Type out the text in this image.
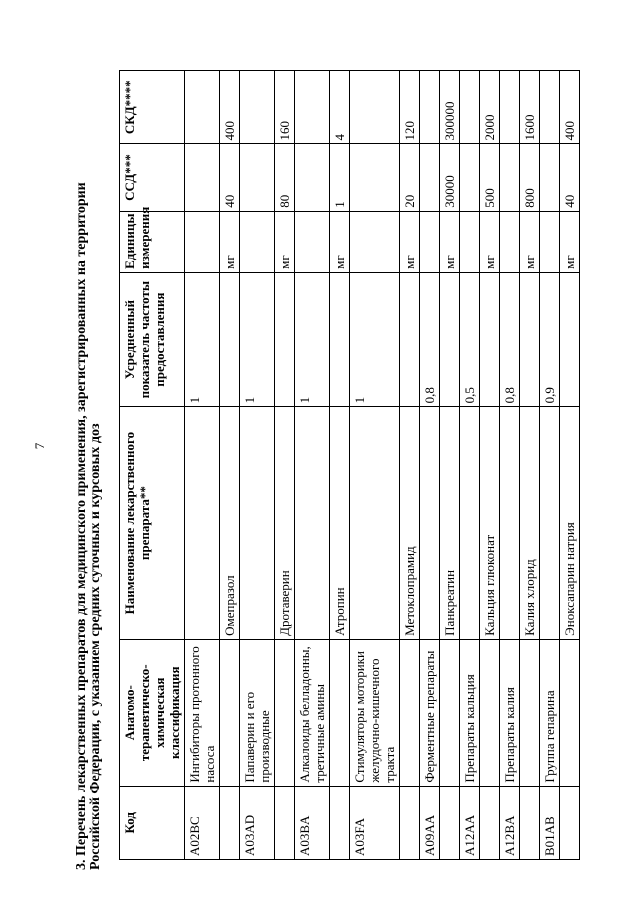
7 3. Перечень лекарственных препаратов для медицинского применения, зарегистрированных на территории Российской Федерации, с указанием средних суточных и курсовых доз Код	Анатомо-терапевтическо-химическая классификация	Наименование лекарственного препарата**	Усредненный показатель частоты предоставления	Единицы измерения	ССД***	СКД****
A02BC	Ингибиторы протонного насоса		1			
		Омепразол		мг	40	400
A03AD	Папаверин и его производные		1			
		Дротаверин		мг	80	160
A03BA	Алкалоиды белладонны, третичные амины		1			
		Атропин		мг	1	4
A03FA	Стимуляторы моторики желудочно-кишечного тракта		1			
		Метоклопрамид		мг	20	120
A09AA	Ферментные препараты		0,8			
		Панкреатин		мг	30000	300000
A12AA	Препараты кальция		0,5			
		Кальция глюконат		мг	500	2000
A12BA	Препараты калия		0,8			
		Калия хлорид		мг	800	1600
B01AB	Группа гепарина		0,9			
		Эноксапарин натрия		мг	40	400
